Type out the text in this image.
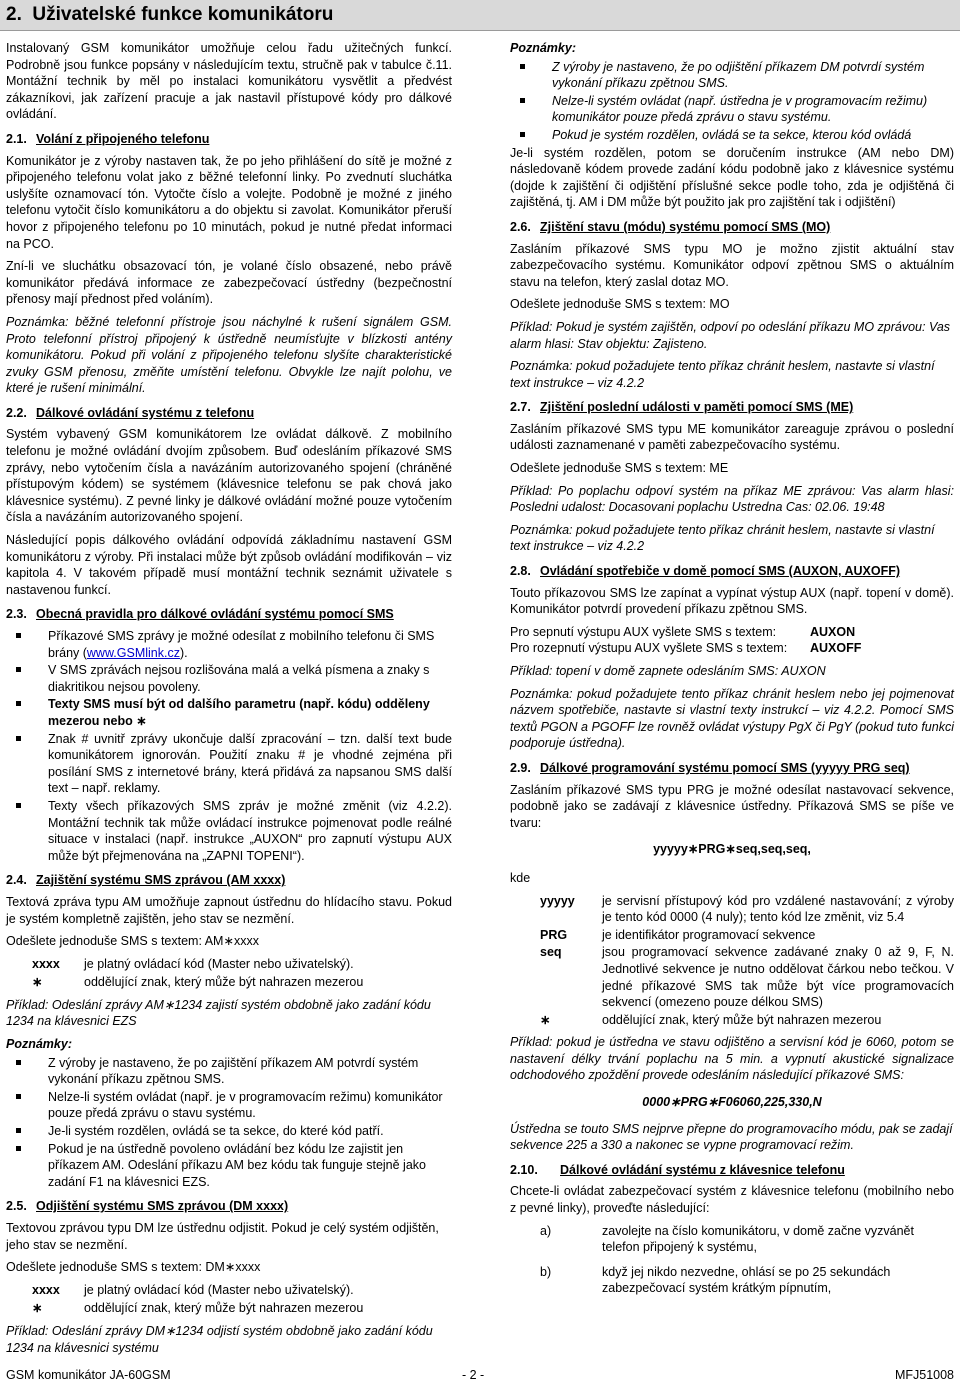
2.  Uživatelské funkce komunikátoru

Instalovaný GSM komunikátor umožňuje celou řadu užitečných funkcí. Podrobně jsou funkce popsány v následujícím textu, stručně pak v tabulce č.11. Montážní technik by měl po instalaci komunikátoru vysvětlit a předvést zákazníkovi, jak zařízení pracuje a jak nastavil přístupové kódy pro dálkové ovládání.

2.1. Volání z připojeného telefonu

Komunikátor je z výroby nastaven tak, že po jeho přihlášení do sítě je možné z připojeného telefonu volat jako z běžné telefonní linky. Po zvednutí sluchátka uslyšíte oznamovací tón. Vytočte číslo a volejte. Podobně je možné z jiného telefonu vytočit číslo komunikátoru a do objektu si zavolat. Komunikátor přeruší hovor z připojeného telefonu po 10 minutách, pokud je nutné předat informaci na PCO.

Zní-li ve sluchátku obsazovací tón, je volané číslo obsazené, nebo právě komunikátor předává informace ze zabezpečovací ústředny (bezpečnostní přenosy mají přednost před voláním).

Poznámka: běžné telefonní přístroje jsou náchylné k rušení signálem GSM. Proto telefonní přístroj připojený k ústředně neumísťujte v blízkosti antény komunikátoru. Pokud při volání z připojeného telefonu slyšíte charakteristické zvuky GSM přenosu, změňte umístění telefonu. Obvykle lze najít polohu, ve které je rušení minimální.

2.2. Dálkové ovládání systému z telefonu

Systém vybavený GSM komunikátorem lze ovládat dálkově. Z mobilního telefonu je možné ovládání dvojím způsobem. Buď odesláním příkazové SMS zprávy, nebo vytočením čísla a navázáním autorizovaného spojení (chráněné přístupovým kódem) se systémem (klávesnice telefonu se pak chová jako klávesnice systému). Z pevné linky je dálkové ovládání možné pouze vytočením čísla a navázáním autorizovaného spojení.

Následující popis dálkového ovládání odpovídá základnímu nastavení GSM komunikátoru z výroby. Při instalaci může být způsob ovládání modifikován – viz kapitola 4. V takovém případě musí montážní technik seznámit uživatele s nastavenou funkcí.

2.3. Obecná pravidla pro dálkové ovládání systému pomocí SMS
Příkazové SMS zprávy je možné odesílat z mobilního telefonu či SMS brány (www.GSMlink.cz).
V SMS zprávách nejsou rozlišována malá a velká písmena a znaky s diakritikou nejsou povoleny.
Texty SMS musí být od dalšího parametru (např. kódu) odděleny mezerou nebo ∗
Znak # uvnitř zprávy ukončuje další zpracování – tzn. další text bude komunikátorem ignorován. Použití znaku # je vhodné zejména při posílání SMS z internetové brány, která přidává za napsanou SMS další text – např. reklamy.
Texty všech příkazových SMS zpráv je možné změnit (viz 4.2.2). Montážní technik tak může ovládací instrukce pojmenovat podle reálné situace v instalaci (např. instrukce „AUXON“ pro zapnutí výstupu AUX může být přejmenována na „ZAPNI TOPENI“).
2.4. Zajištění systému SMS zprávou (AM xxxx)

Textová zpráva typu AM umožňuje zapnout ústřednu do hlídacího stavu. Pokud je systém kompletně zajištěn, jeho stav se nezmění.

Odešlete jednoduše SMS s textem: AM∗xxxx

xxxx	je platný ovládací kód (Master nebo uživatelský).
∗	oddělující znak, který může být nahrazen mezerou

Příklad: Odeslání zprávy AM∗1234 zajistí systém obdobně jako zadání kódu 1234 na klávesnici EZS

Poznámky:

Z výroby je nastaveno, že po zajištění příkazem AM potvrdí systém vykonání příkazu zpětnou SMS.
Nelze-li systém ovládat (např. je v programovacím režimu) komunikátor pouze předá zprávu o stavu systému.
Je-li systém rozdělen, ovládá se ta sekce, do které kód patří.
Pokud je na ústředně povoleno ovládání bez kódu lze zajistit jen příkazem AM. Odeslání příkazu AM bez kódu tak funguje stejně jako zadání F1 na klávesnici EZS.
2.5. Odjištění systému SMS zprávou (DM xxxx)

Textovou zprávou typu DM lze ústřednu odjistit. Pokud je celý systém odjištěn, jeho stav se nezmění.

Odešlete jednoduše SMS s textem: DM∗xxxx

xxxx	je platný ovládací kód (Master nebo uživatelský).
∗	oddělující znak, který může být nahrazen mezerou

Příklad: Odeslání zprávy DM∗1234 odjistí systém obdobně jako zadání kódu 1234 na klávesnici systému

Poznámky:

Z výroby je nastaveno, že po odjištění příkazem DM potvrdí systém vykonání příkazu zpětnou SMS.
Nelze-li systém ovládat (např. ústředna je v programovacím režimu) komunikátor pouze předá zprávu o stavu systému.
Pokud je systém rozdělen, ovládá se ta sekce, kterou kód ovládá

Je-li systém rozdělen, potom se doručením instrukce (AM nebo DM) následovaně kódem provede zadání kódu podobně jako z klávesnice systému (dojde k zajištění či odjištění příslušné sekce podle toho, zda je odjištěná či zajištěná, tj. AM i DM může být použito jak pro zajištění tak i odjištění)

2.6. Zjištění stavu (módu) systému pomocí SMS (MO)

Zasláním příkazové SMS typu MO je možno zjistit aktuální stav zabezpečovacího systému. Komunikátor odpoví zpětnou SMS o aktuálním stavu na telefon, který zaslal dotaz MO.

Odešlete jednoduše SMS s textem: MO

Příklad: Pokud je systém zajištěn, odpoví po odeslání příkazu MO zprávou: Vas alarm hlasi: Stav objektu: Zajisteno.

Poznámka: pokud požadujete tento příkaz chránit heslem, nastavte si vlastní text instrukce – viz 4.2.2

2.7. Zjištění poslední události v paměti pomocí SMS (ME)

Zasláním příkazové SMS typu ME komunikátor zareaguje zprávou o poslední události zaznamenané v paměti zabezpečovacího systému.

Odešlete jednoduše SMS s textem: ME

Příklad: Po poplachu odpoví systém na příkaz ME zprávou: Vas alarm hlasi: Posledni udalost: Docasovani poplachu Ustredna Cas: 02.06. 19:48

Poznámka: pokud požadujete tento příkaz chránit heslem, nastavte si vlastní text instrukce – viz 4.2.2

2.8. Ovládání spotřebiče v domě pomocí SMS (AUXON, AUXOFF)

Touto příkazovou SMS lze zapínat a vypínat výstup AUX (např. topení v domě). Komunikátor potvrdí provedení příkazu zpětnou SMS.

Pro sepnutí výstupu AUX vyšlete SMS s textem:	AUXON
Pro rozepnutí výstupu AUX vyšlete SMS s textem:	AUXOFF

Příklad: topení v domě zapnete odesláním SMS: AUXON

Poznámka: pokud požadujete tento příkaz chránit heslem nebo jej pojmenovat názvem spotřebiče, nastavte si vlastní texty instrukcí – viz 4.2.2. Pomocí SMS textů PGON a PGOFF lze rovněž ovládat výstupy PgX či PgY (pokud tuto funkci podporuje ústředna).

2.9. Dálkové programování systému pomocí SMS (yyyyy PRG seq)

Zasláním příkazové SMS typu PRG je možné odesílat nastavovací sekvence, podobně jako se zadávají z klávesnice ústředny. Příkazová SMS se píše ve tvaru:

yyyyy∗PRG∗seq,seq,seq,

kde

yyyyy	je servisní přístupový kód pro vzdálené nastavování; z výroby je tento kód 0000 (4 nuly); tento kód lze změnit, viz 5.4
PRG	je identifikátor programovací sekvence
seq	jsou programovací sekvence zadávané znaky 0 až 9, F, N. Jednotlivé sekvence je nutno oddělovat čárkou nebo tečkou. V jedné příkazové SMS tak může být více programovacích sekvencí (omezeno pouze délkou SMS)
∗	oddělující znak, který může být nahrazen mezerou

Příklad: pokud je ústředna ve stavu odjištěno a servisní kód je 6060, potom se nastavení délky trvání poplachu na 5 min. a vypnutí akustické signalizace odchodového zpoždění provede odesláním následující příkazové SMS:

0000∗PRG∗F06060,225,330,N

Ústředna se touto SMS nejprve přepne do programovacího módu, pak se zadají sekvence 225 a 330 a nakonec se vypne programovací režim.

2.10. Dálkové ovládání systému z klávesnice telefonu

Chcete-li ovládat zabezpečovací systém z klávesnice telefonu (mobilního nebo z pevné linky), proveďte následující:

a)	zavolejte na číslo komunikátoru, v domě začne vyzvánět telefon připojený k systému,
b)	když jej nikdo nezvedne, ohlásí se po 25 sekundách zabezpečovací systém krátkým pípnutím,
GSM komunikátor JA-60GSM	- 2 -	MFJ51008
